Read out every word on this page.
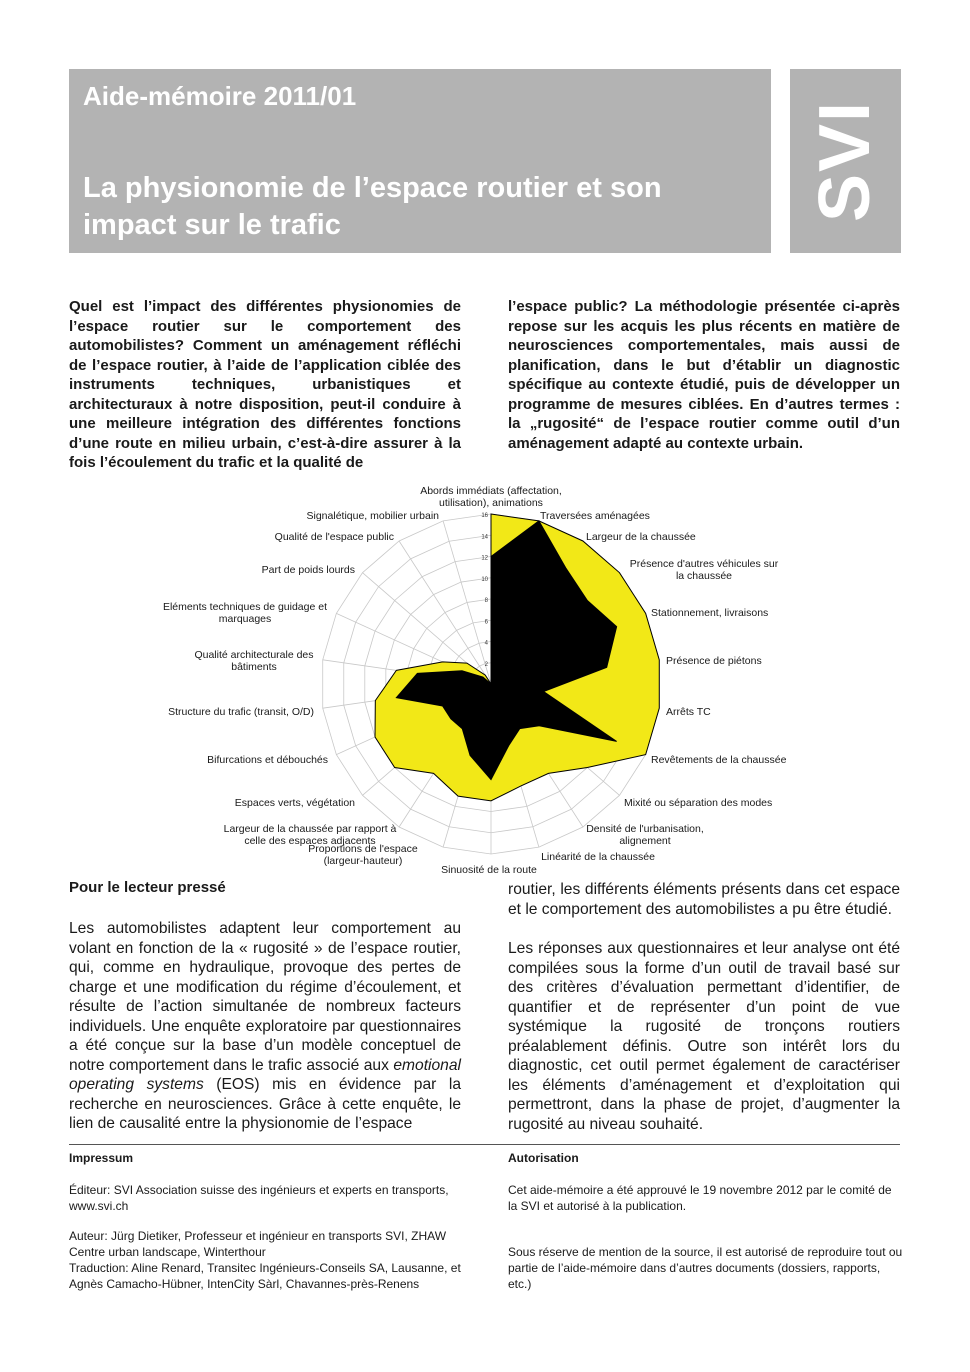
Aide-mémoire 2011/01
La physionomie de l’espace routier et son impact sur le trafic
SVI

Quel est l’impact des différentes physionomies de l’espace routier sur le comportement des automobilistes? Comment un aménagement réfléchi de l’espace routier, à l’aide de l’application ciblée des instruments techniques, urbanistiques et architecturaux à notre disposition, peut-il conduire à une meilleure intégration des différentes fonctions d’une route en milieu urbain, c’est-à-dire assurer à la fois l’écoulement du trafic et la qualité de

l’espace public? La méthodologie présentée ci-après repose sur les acquis les plus récents en matière de neurosciences comportementales, mais aussi de planification, dans le but d’établir un diagnostic spécifique au contexte étudié, puis de développer un programme de mesures ciblées. En d’autres termes : la „rugosité“ de l’espace routier comme outil d’un aménagement adapté au contexte urbain.

16
14
12
10
8
6
4
2
Abords immédiats (affectation, utilisation), animations
Traversées aménagées
Largeur de la chaussée
Présence d'autres véhicules sur la chaussée
Stationnement, livraisons
Présence de piétons
Arrêts TC
Revêtements de la chaussée
Mixité ou séparation des modes
Densité de l'urbanisation, alignement
Linéarité de la chaussée
Sinuosité de la route
Proportions de l'espace (largeur-hauteur)
Largeur de la chaussée par rapport à celle des espaces adjacents
Espaces verts, végétation
Bifurcations et débouchés
Structure du trafic (transit, O/D)
Qualité architecturale des bâtiments
Eléments techniques de guidage et marquages
Part de poids lourds
Qualité de l'espace public
Signalétique, mobilier urbain
Pour le lecteur pressé

Les automobilistes adaptent leur comportement au volant en fonction de la « rugosité » de l’espace routier, qui, comme en hydraulique, provoque des pertes de charge et une modification du régime d’écoulement, et résulte de l’action simultanée de nombreux facteurs individuels. Une enquête exploratoire par questionnaires a été conçue sur la base d’un modèle conceptuel de notre comportement dans le trafic associé aux emotional operating systems (EOS) mis en évidence par la recherche en neurosciences. Grâce à cette enquête, le lien de causalité entre la physionomie de l’espace

routier, les différents éléments présents dans cet espace et le comportement des automobilistes a pu être étudié.

Les réponses aux questionnaires et leur analyse ont été compilées sous la forme d’un outil de travail basé sur des critères d’évaluation permettant d’identifier, de quantifier et de représenter d’un point de vue systémique la rugosité de tronçons routiers préalablement définis. Outre son intérêt lors du diagnostic, cet outil permet également de caractériser les éléments d’aménagement et d’exploitation qui permettront, dans la phase de projet, d’augmenter la rugosité au niveau souhaité.

Impressum

Éditeur: SVI Association suisse des ingénieurs et experts en transports, www.svi.ch

Auteur: Jürg Dietiker, Professeur et ingénieur en transports SVI, ZHAW Centre urban landscape, Winterthour

Traduction: Aline Renard, Transitec Ingénieurs-Conseils SA, Lausanne, et Agnès Camacho-Hübner, IntenCity Sàrl, Chavannes-près-Renens

Autorisation

Cet aide-mémoire a été approuvé le 19 novembre 2012 par le comité de la SVI et autorisé à la publication.

Sous réserve de mention de la source, il est autorisé de reproduire tout ou partie de l’aide-mémoire dans d’autres documents (dossiers, rapports, etc.)
